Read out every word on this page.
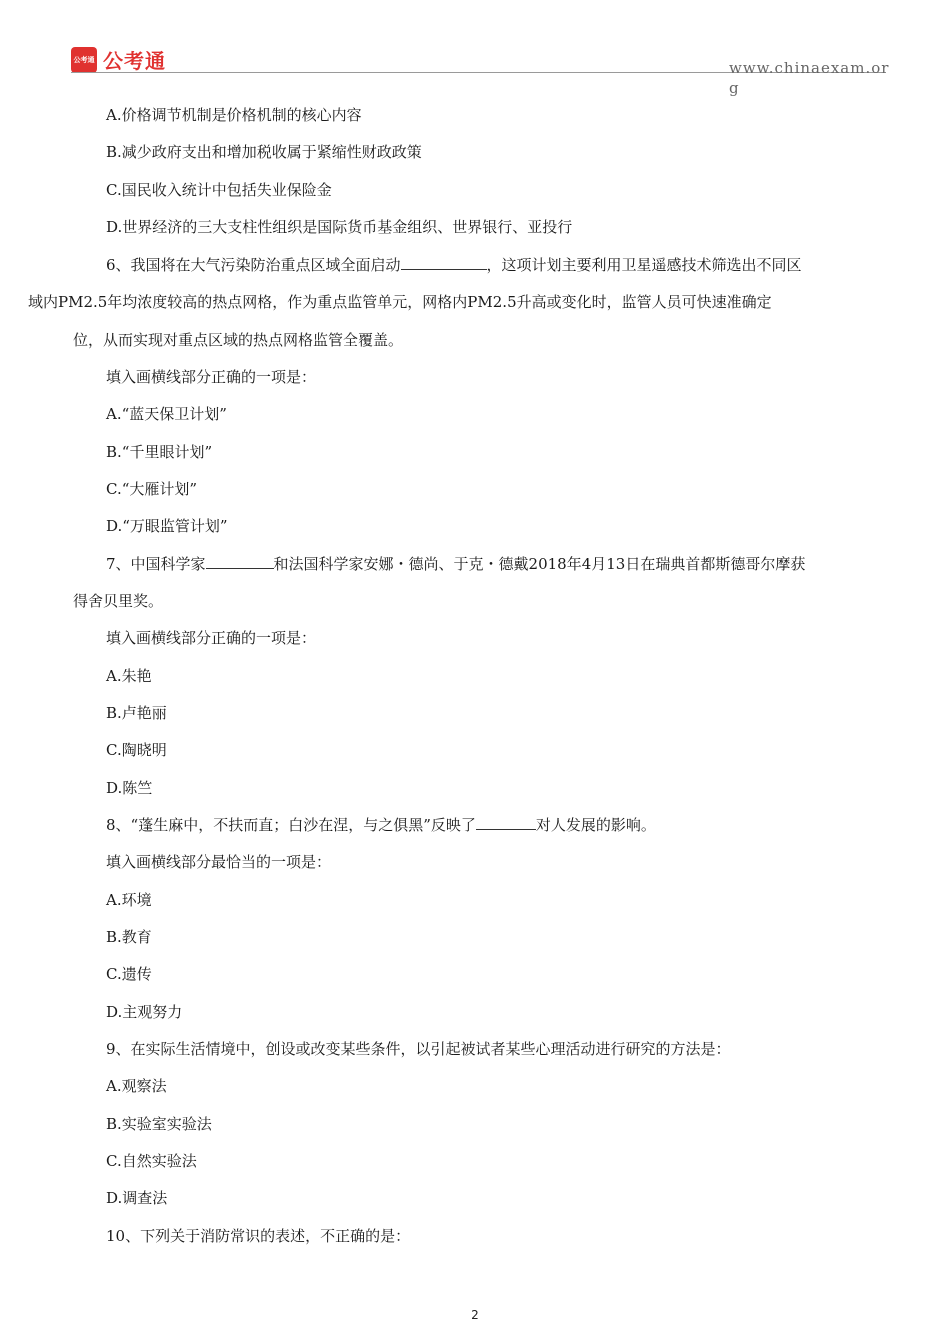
公考通 公考通	www.chinaexam.org
A.价格调节机制是价格机制的核心内容
B.减少政府支出和增加税收属于紧缩性财政政策
C.国民收入统计中包括失业保险金
D.世界经济的三大支柱性组织是国际货币基金组织、世界银行、亚投行
6、我国将在大气污染防治重点区域全面启动	，这项计划主要利用卫星遥感技术筛选出不同区
域内PM2.5年均浓度较高的热点网格，作为重点监管单元，网格内PM2.5升高或变化时，监管人员可快速准确定
位，从而实现对重点区域的热点网格监管全覆盖。
填入画横线部分正确的一项是：
A.“蓝天保卫计划”
B.“千里眼计划”
C.“大雁计划”
D.“万眼监管计划”
7、中国科学家	和法国科学家安娜・德尚、于克・德戴2018年4月13日在瑞典首都斯德哥尔摩获
得舍贝里奖。
填入画横线部分正确的一项是：
A.朱艳
B.卢艳丽
C.陶晓明
D.陈竺
8、“蓬生麻中，不扶而直；白沙在涅，与之俱黑”反映了	对人发展的影响。
填入画横线部分最恰当的一项是：
A.环境
B.教育
C.遗传
D.主观努力
9、在实际生活情境中，创设或改变某些条件，以引起被试者某些心理活动进行研究的方法是：
A.观察法
B.实验室实验法
C.自然实验法
D.调查法
10、下列关于消防常识的表述，不正确的是：
2
